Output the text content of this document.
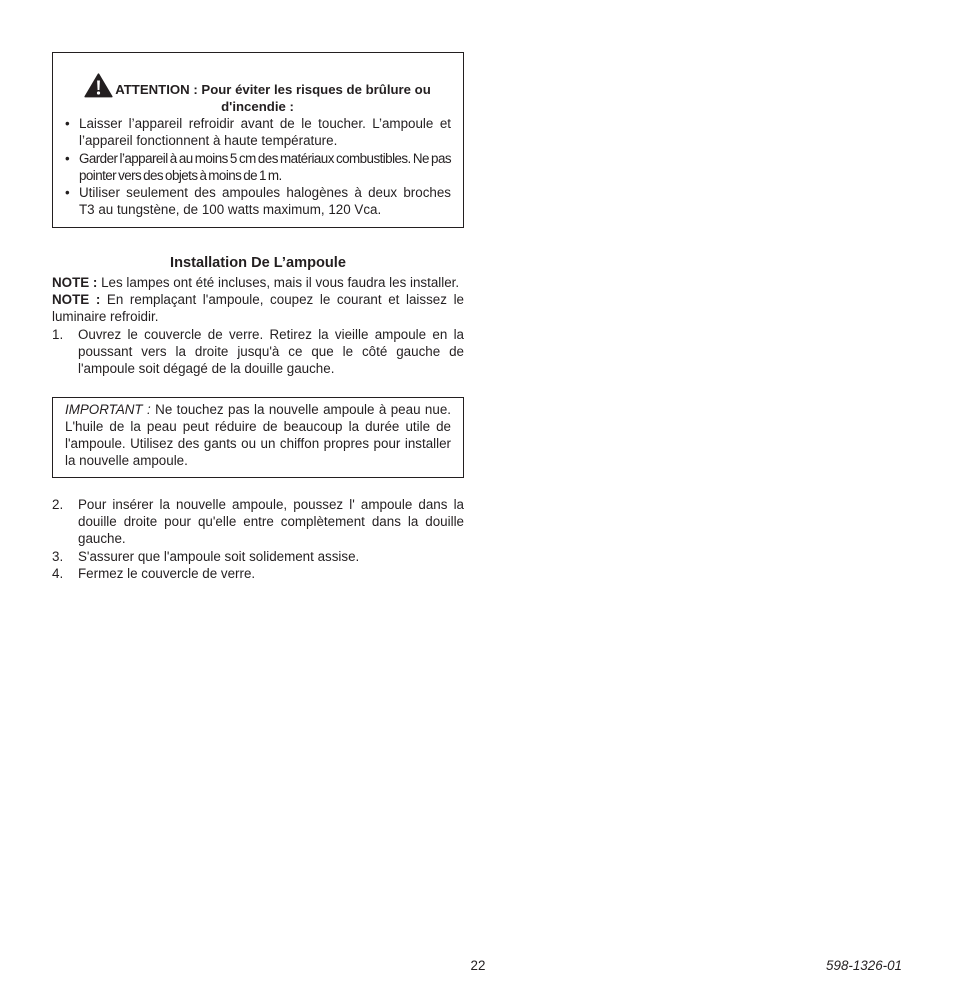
ATTENTION : Pour éviter les risques de brûlure ou
d'incendie :
• Laisser l’appareil refroidir avant de le toucher. L’ampoule et l’appareil fonctionnent à haute température.
• Garder l’appareil à au moins 5 cm des matériaux combustibles. Ne pas pointer vers des objets à moins de 1 m.
• Utiliser seulement des ampoules halogènes à deux broches T3 au tungstène, de 100 watts maximum, 120 Vca.
Installation De L’ampoule

NOTE : Les lampes ont été incluses, mais il vous faudra les installer.

NOTE : En remplaçant l'ampoule, coupez le courant et laissez le luminaire refroidir.

1. Ouvrez le couvercle de verre. Retirez la vieille ampoule en la poussant vers la droite jusqu'à ce que le côté gauche de l'ampoule soit dégagé de la douille gauche.
IMPORTANT : Ne touchez pas la nouvelle ampoule à peau nue. L'huile de la peau peut réduire de beaucoup la durée utile de l'ampoule. Utilisez des gants ou un chiffon propres pour installer la nouvelle ampoule.
2. Pour insérer la nouvelle ampoule, poussez l' ampoule dans la douille droite pour qu'elle entre complètement dans la douille gauche.
3. S'assurer que l'ampoule soit solidement assise.
4. Fermez le couvercle de verre.
22	598-1326-01
